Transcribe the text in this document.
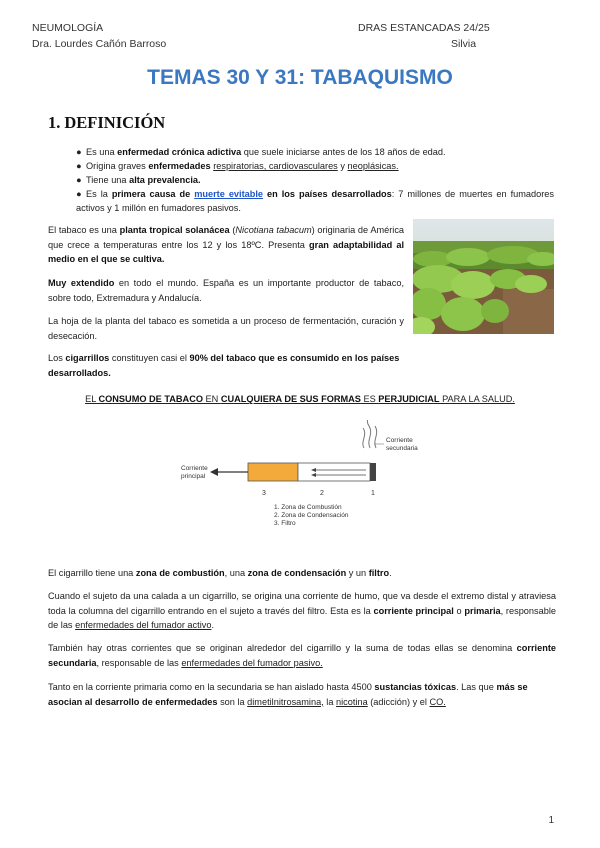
NEUMOLOGÍA
Dra. Lourdes Cañón Barroso
DRAS ESTANCADAS 24/25
Silvia
TEMAS 30 Y 31: TABAQUISMO
1. DEFINICIÓN
● Es una enfermedad crónica adictiva que suele iniciarse antes de los 18 años de edad.
● Origina graves enfermedades respiratorias, cardiovasculares y neoplásicas.
● Tiene una alta prevalencia.
● Es la primera causa de muerte evitable en los países desarrollados: 7 millones de muertes en fumadores activos y 1 millón en fumadores pasivos.
El tabaco es una planta tropical solanácea (Nicotiana tabacum) originaria de América que crece a temperaturas entre los 12 y los 18ºC. Presenta gran adaptabilidad al medio en el que se cultiva.
Muy extendido en todo el mundo. España es un importante productor de tabaco, sobre todo, Extremadura y Andalucía.
La hoja de la planta del tabaco es sometida a un proceso de fermentación, curación y desecación.
Los cigarrillos constituyen casi el 90% del tabaco que es consumido en los países desarrollados.
EL CONSUMO DE TABACO EN CUALQUIERA DE SUS FORMAS ES PERJUDICIAL PARA LA SALUD.
3	2	1
Corriente
principal
Corriente
secundaria
1. Zona de Combustión
2. Zona de Condensación
3. Filtro
El cigarrillo tiene una zona de combustión, una zona de condensación y un filtro.
Cuando el sujeto da una calada a un cigarrillo, se origina una corriente de humo, que va desde el extremo distal y atraviesa toda la columna del cigarrillo entrando en el sujeto a través del filtro. Esta es la corriente principal o primaria, responsable de las enfermedades del fumador activo.
También hay otras corrientes que se originan alrededor del cigarrillo y la suma de todas ellas se denomina corriente secundaria, responsable de las enfermedades del fumador pasivo.
Tanto en la corriente primaria como en la secundaria se han aislado hasta 4500 sustancias tóxicas. Las que más se asocian al desarrollo de enfermedades son la dimetilnitrosamina, la nicotina (adicción) y el CO.
1
